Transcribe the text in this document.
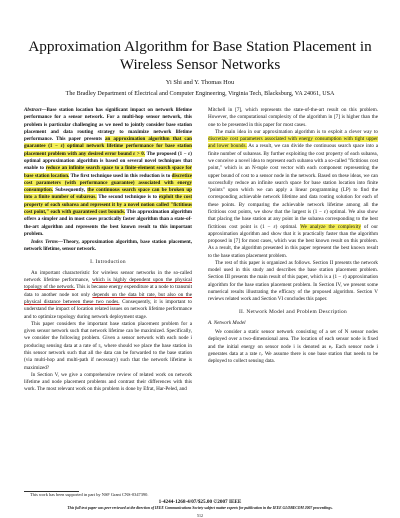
Approximation Algorithm for Base Station Placement in Wireless Sensor Networks
Yi Shi and Y. Thomas Hou
The Bradley Department of Electrical and Computer Engineering, Virginia Tech, Blacksburg, VA 24061, USA

Abstract—Base station location has significant impact on network lifetime performance for a sensor network. For a multi-hop sensor network, this problem is particular challenging as we need to jointly consider base station placement and data routing strategy to maximize network lifetime performance. This paper presents an approximation algorithm that can guarantee (1 − ε) optimal network lifetime performance for base station placement problem with any desired error bound ε > 0. The proposed (1 − ε) optimal approximation algorithm is based on several novel techniques that enable to reduce an infinite search space to a finite-element search space for base station location. The first technique used in this reduction is to discretize cost parameters (with performance guarantee) associated with energy consumption. Subsequently, the continuous search space can be broken up into a finite number of subareas. The second technique is to exploit the cost property of each subarea and represent it by a novel notion called "fictitious cost point," each with guaranteed cost bounds. This approximation algorithm offers a simpler and in most cases practically faster algorithm than a state-of-the-art algorithm and represents the best known result to this important problem.

Index Terms—Theory, approximation algorithm, base station placement, network lifetime, sensor network.

I. Introduction

An important characteristic for wireless sensor networks in the so-called network lifetime performance, which is highly dependent upon the physical topology of the network. This is because energy expenditure at a node to transmit data to another node not only depends on the data bit rate, but also on the physical distance between these two nodes. Consequently, it is important to understand the impact of location related issues on network lifetime performance and to optimize topology during network deployment stage.

This paper considers the important base station placement problem for a given sensor network such that network lifetime can be maximized. Specifically, we consider the following problem. Given a sensor network with each node i producing sensing data at a rate of rᵢ, where should we place the base station in this sensor network such that all the data can be forwarded to the base station (via multi-hop and multi-path if necessary) such that the network lifetime is maximized?

In Section V, we give a comprehensive review of related work on network lifetime and node placement problems and contrast their differences with this work. The most relevant work on this problem is done by Efrat, Har-Peled, and

Mitchell in [7], which represents the state-of-the-art result on this problem. However, the computational complexity of the algorithm in [7] is higher than the one to be presented in this paper for most cases.

The main idea in our approximation algorithm is to exploit a clever way to discretize cost parameters associated with energy consumption with tight upper and lower bounds. As a result, we can divide the continuous search space into a finite number of subareas. By further exploiting the cost property of each subarea, we conceive a novel idea to represent each subarea with a so-called "fictitious cost point," which is an N-tuple cost vector with each component representing the upper bound of cost to a sensor node in the network. Based on these ideas, we can successfully reduce an infinite search space for base station location into finite "points" upon which we can apply a linear programming (LP) to find the corresponding achievable network lifetime and data routing solution for each of these points. By comparing the achievable network lifetime among all the fictitious cost points, we show that the largest is (1 − ε) optimal. We also show that placing the base station at any point in the subarea corresponding to the best fictitious cost point is (1 − ε) optimal. We analyze the complexity of our approximation algorithm and show that it is practically faster than the algorithm proposed in [7] for most cases, which was the best known result on this problem. As a result, the algorithm presented in this paper represent the best known result to the base station placement problem.

The rest of this paper is organized as follows. Section II presents the network model used in this study and describes the base station placement problem. Section III presents the main result of this paper, which is a (1 − ε) approximation algorithm for the base station placement problem. In Section IV, we present some numerical results illustrating the efficacy of the proposed algorithm. Section V reviews related work and Section VI concludes this paper.

II. Network Model and Problem Description

A. Network Model

We consider a static sensor network consisting of a set of N sensor nodes deployed over a two-dimensional area. The location of each sensor node is fixed and the initial energy on sensor node i is denoted as eᵢ. Each sensor node i generates data at a rate rᵢ. We assume there is one base station that needs to be deployed to collect sensing data.

This work has been supported in part by NSF Grant CNS-0347390.
1-4244-1268-4/07/$25.00 ©2007 IEEE
This full text paper was peer reviewed at the direction of IEEE Communications Society subject matter experts for publication in the IEEE GLOBECOM 2007 proceedings.
512
